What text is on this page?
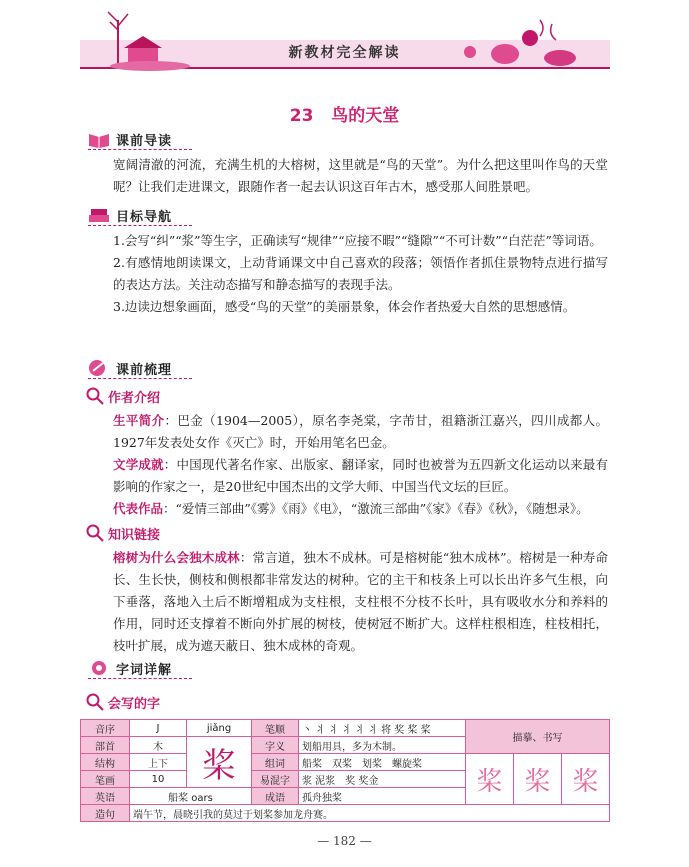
新教材完全解读
23 鸟的天堂
课前导读
宽阔清澈的河流，充满生机的大榕树，这里就是“鸟的天堂”。为什么把这里叫作鸟的天堂呢？让我们走进课文，跟随作者一起去认识这百年古木，感受那人间胜景吧。
目标导航
1.会写“纠”“浆”等生字，正确读写“规律”“应接不暇”“缝隙”“不可计数”“白茫茫”等词语。
2.有感情地朗读课文，上动背诵课文中自己喜欢的段落；领悟作者抓住景物特点进行描写的表达方法。关注动态描写和静态描写的表现手法。
3.边读边想象画面，感受“鸟的天堂”的美丽景象，体会作者热爱大自然的思想感情。
课前梳理
作者介绍
生平简介：巴金（1904—2005），原名李尧棠，字芾甘，祖籍浙江嘉兴，四川成都人。1927年发表处女作《灭亡》时，开始用笔名巴金。
文学成就：中国现代著名作家、出版家、翻译家，同时也被誉为五四新文化运动以来最有影响的作家之一，是20世纪中国杰出的文学大师、中国当代文坛的巨匠。
代表作品：“爱情三部曲”《雾》《雨》《电》，“激流三部曲”《家》《春》《秋》，《随想录》。
知识链接
榕树为什么会独木成林：常言道，独木不成林。可是榕树能“独木成林”。榕树是一种寿命长、生长快，侧枝和侧根都非常发达的树种。它的主干和枝条上可以长出许多气生根，向下垂落，落地入土后不断增粗成为支柱根，支柱根不分枝不长叶，具有吸收水分和养料的作用，同时还支撑着不断向外扩展的树枝，使树冠不断扩大。这样柱根相连，柱枝相托，枝叶扩展，成为遮天蔽日、独木成林的奇观。
字词详解
会写的字
音序	J	jiǎng	笔顺	丶 丬 丬 丬 丬 丬 将 奖 桨 桨	描摹、书写		
部首	木	桨	字义	划船用具，多为木制。			
结构	上下		组词	船桨　双桨　划桨　螺旋桨	桨	桨	桨
笔画	10		易混字	浆 泥浆　奖 奖金			
英语	船桨 oars		成语	孤舟独桨			
造句	端午节，晨晓引我的莫过于划桨参加龙舟赛。						
— 182 —
